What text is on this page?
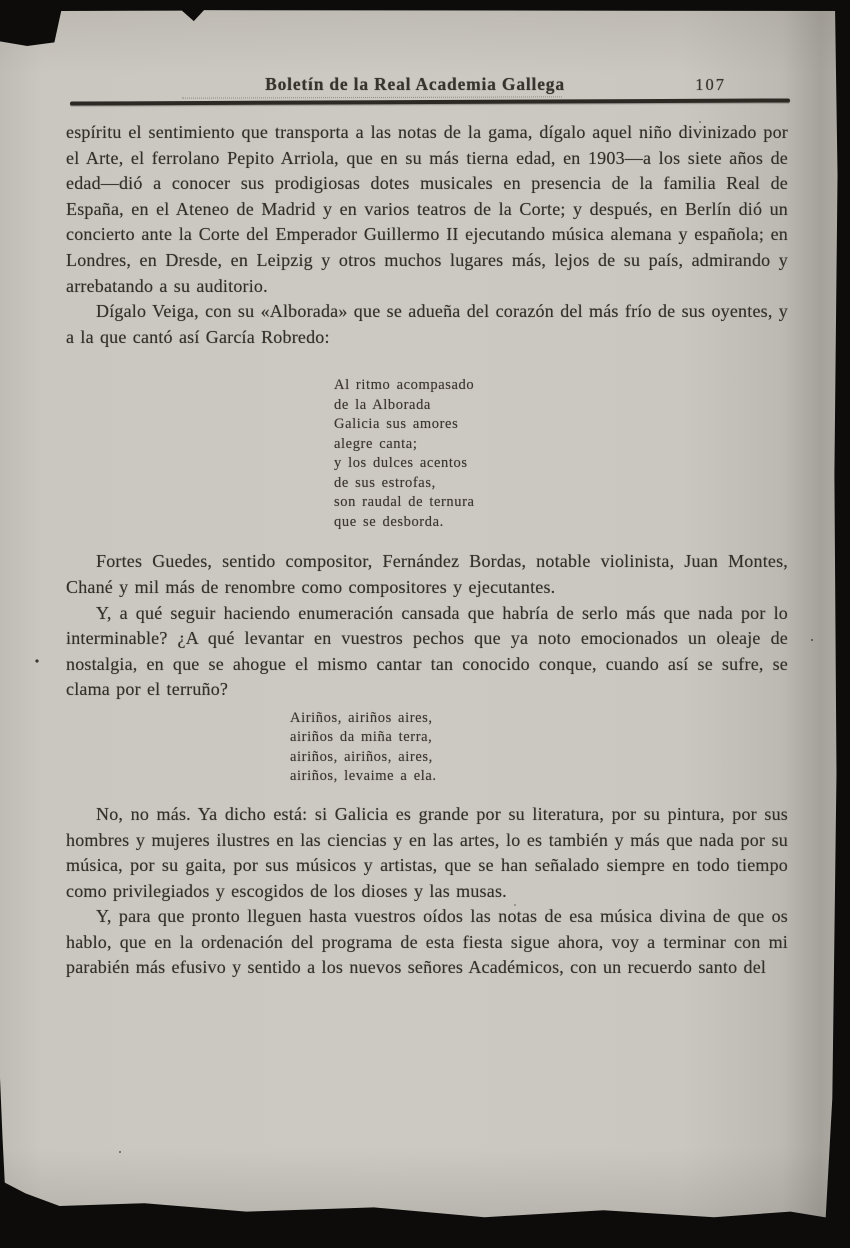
Boletín de la Real Academia Gallega	107

espíritu el sentimiento que transporta a las notas de la gama, dígalo aquel niño divinizado por el Arte, el ferrolano Pepito Arriola, que en su más tierna edad, en 1903—a los siete años de edad—dió a conocer sus prodigiosas dotes musicales en presencia de la familia Real de España, en el Ateneo de Madrid y en varios teatros de la Corte; y después, en Berlín dió un concierto ante la Corte del Emperador Guillermo II ejecutando música alemana y española; en Londres, en Dresde, en Leipzig y otros muchos lugares más, lejos de su país, admirando y arrebatando a su auditorio.

Dígalo Veiga, con su «Alborada» que se adueña del corazón del más frío de sus oyentes, y a la que cantó así García Robredo:

Al ritmo acompasado
de la Alborada
Galicia sus amores
alegre canta;
y los dulces acentos
de sus estrofas,
son raudal de ternura
que se desborda.

Fortes Guedes, sentido compositor, Fernández Bordas, notable violinista, Juan Montes, Chané y mil más de renombre como compositores y ejecutantes.

Y, a qué seguir haciendo enumeración cansada que habría de serlo más que nada por lo interminable? ¿A qué levantar en vuestros pechos que ya noto emocionados un oleaje de nostalgia, en que se ahogue el mismo cantar tan conocido conque, cuando así se sufre, se clama por el terruño?

Airiños, airiños aires,
airiños da miña terra,
airiños, airiños, aires,
airiños, levaime a ela.

No, no más. Ya dicho está: si Galicia es grande por su literatura, por su pintura, por sus hombres y mujeres ilustres en las ciencias y en las artes, lo es también y más que nada por su música, por su gaita, por sus músicos y artistas, que se han señalado siempre en todo tiempo como privilegiados y escogidos de los dioses y las musas.

Y, para que pronto lleguen hasta vuestros oídos las notas de esa música divina de que os hablo, que en la ordenación del programa de esta fiesta sigue ahora, voy a terminar con mi parabién más efusivo y sentido a los nuevos señores Académicos, con un recuerdo santo del
